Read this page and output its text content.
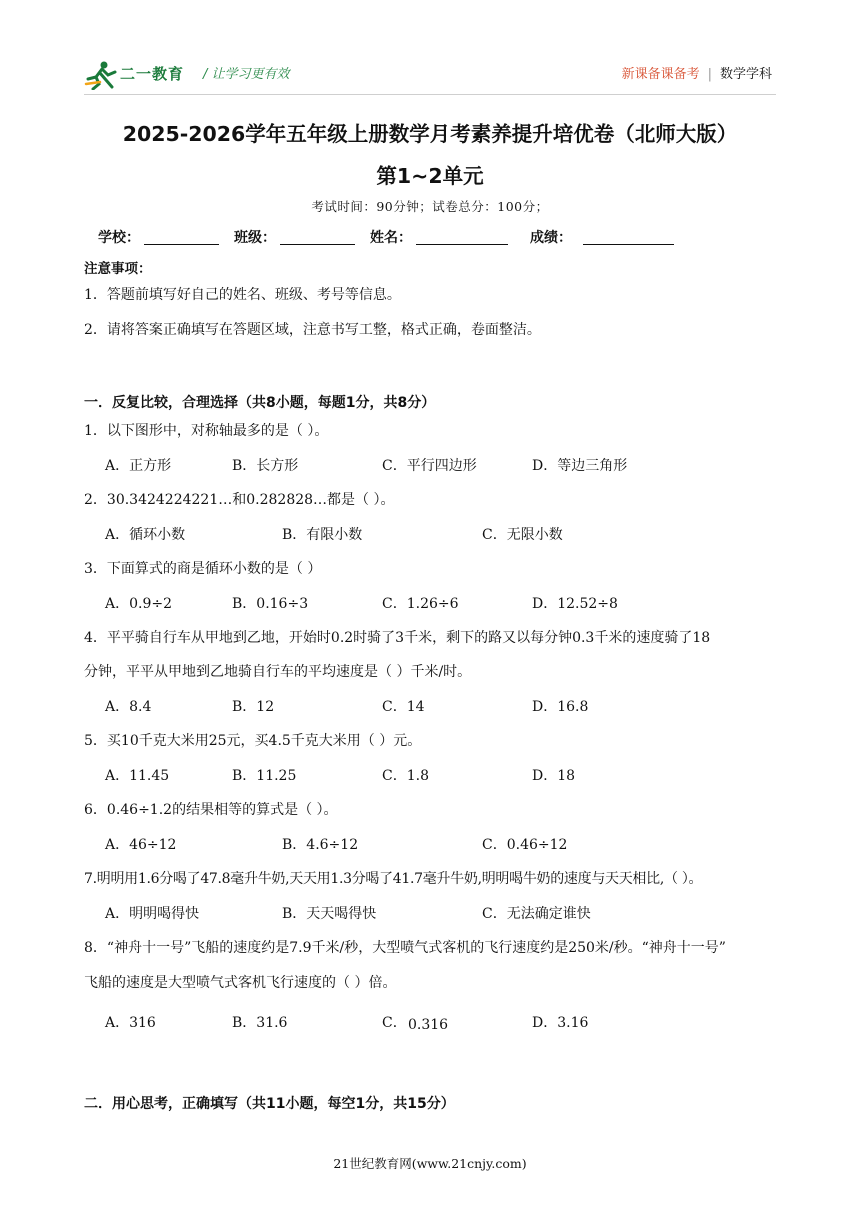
二一教育 / 让学习更有效	新课备课备考 | 数学学科
2025-2026学年五年级上册数学月考素养提升培优卷（北师大版）
第1~2单元
考试时间：90分钟；试卷总分：100分；
学校：	班级：	姓名：	成绩：
注意事项：
1．答题前填写好自己的姓名、班级、考号等信息。
2．请将答案正确填写在答题区域，注意书写工整，格式正确，卷面整洁。
一．反复比较，合理选择（共8小题，每题1分，共8分）
1．以下图形中，对称轴最多的是（ ）。
A．正方形	B．长方形	C．平行四边形	D．等边三角形
2．30.3424224221…和0.282828…都是（ ）。
A．循环小数	B．有限小数	C．无限小数
3．下面算式的商是循环小数的是（ ）
A．0.9÷2	B．0.16÷3	C．1.26÷6	D．12.52÷8
4．平平骑自行车从甲地到乙地，开始时0.2时骑了3千米，剩下的路又以每分钟0.3千米的速度骑了18
分钟，平平从甲地到乙地骑自行车的平均速度是（ ）千米/时。
A．8.4	B．12	C．14	D．16.8
5．买10千克大米用25元，买4.5千克大米用（ ）元。
A．11.45	B．11.25	C．1.8	D．18
6．0.46÷1.2的结果相等的算式是（ ）。
A．46÷12	B．4.6÷12	C．0.46÷12
7.明明用1.6分喝了47.8毫升牛奶,天天用1.3分喝了41.7毫升牛奶,明明喝牛奶的速度与天天相比,（ ）。
A．明明喝得快	B．天天喝得快	C．无法确定谁快
8．“神舟十一号”飞船的速度约是7.9千米/秒，大型喷气式客机的飞行速度约是250米/秒。“神舟十一号”
飞船的速度是大型喷气式客机飞行速度的（ ）倍。
A．316	B．31.6	C． 0.316	D．3.16
二．用心思考，正确填写（共11小题，每空1分，共15分）
21世纪教育网(www.21cnjy.com)
